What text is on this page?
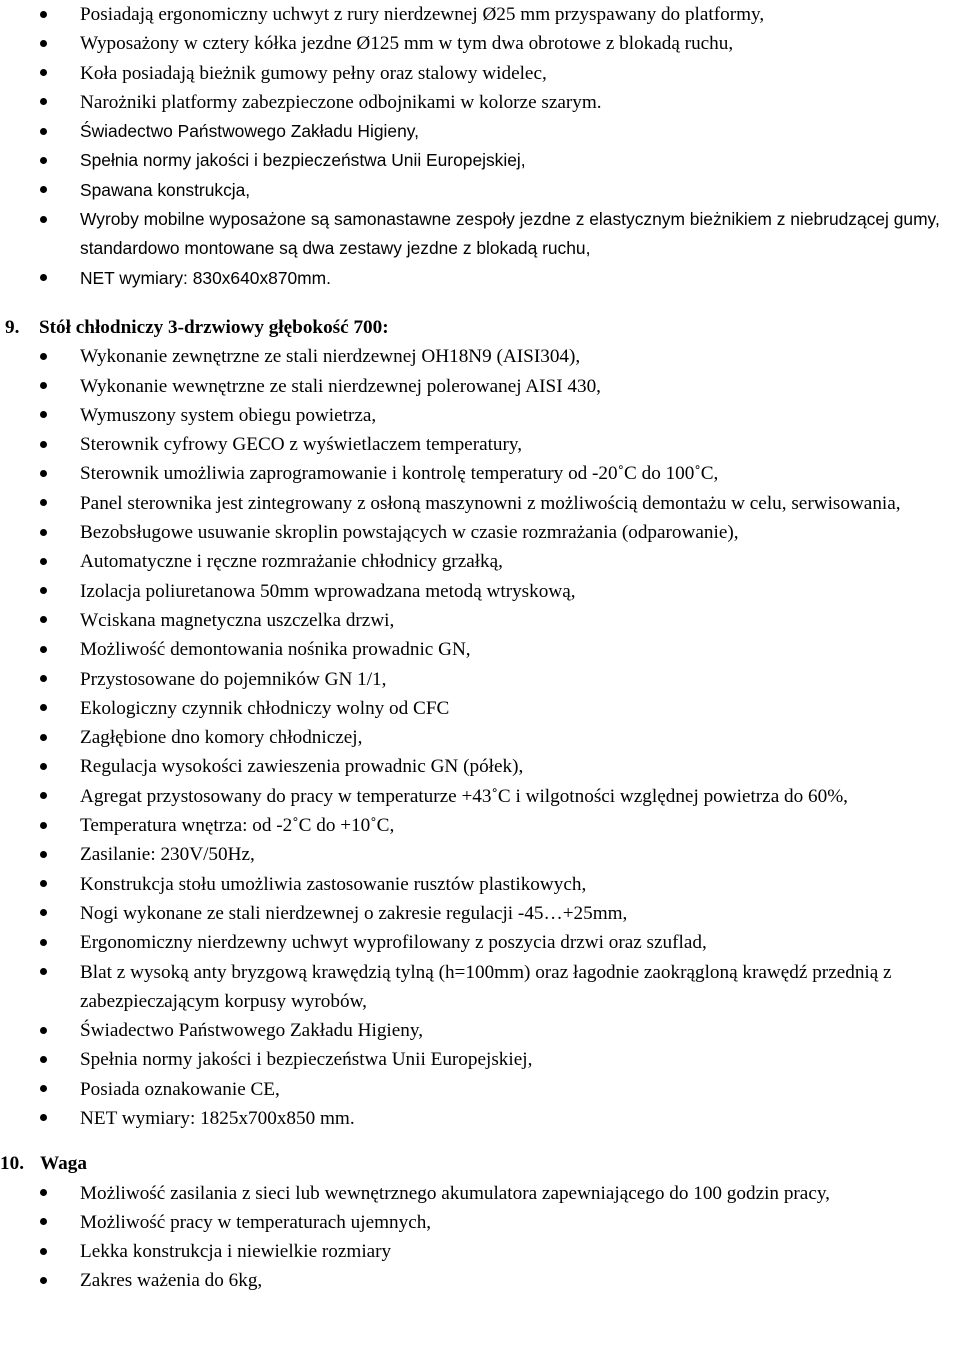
Posiadają ergonomiczny uchwyt z rury nierdzewnej Ø25 mm przyspawany do platformy,
Wyposażony w cztery kółka jezdne Ø125 mm w tym dwa obrotowe z blokadą ruchu,
Koła posiadają bieżnik gumowy pełny oraz stalowy widelec,
Narożniki platformy zabezpieczone odbojnikami w kolorze szarym.
Świadectwo Państwowego Zakładu Higieny,
Spełnia normy jakości i bezpieczeństwa Unii Europejskiej,
Spawana konstrukcja,
Wyroby mobilne wyposażone są samonastawne zespoły jezdne z elastycznym bieżnikiem z niebrudzącej gumy, standardowo montowane są dwa zestawy jezdne z blokadą ruchu,
NET wymiary: 830x640x870mm.
9. Stół chłodniczy 3-drzwiowy głębokość 700:
Wykonanie zewnętrzne ze stali nierdzewnej OH18N9 (AISI304),
Wykonanie wewnętrzne ze stali nierdzewnej polerowanej AISI 430,
Wymuszony system obiegu powietrza,
Sterownik cyfrowy GECO z wyświetlaczem temperatury,
Sterownik umożliwia zaprogramowanie i kontrolę temperatury od -20˚C do 100˚C,
Panel sterownika jest zintegrowany z osłoną maszynowni z możliwością demontażu w celu, serwisowania,
Bezobsługowe usuwanie skroplin powstających w czasie rozmrażania (odparowanie),
Automatyczne i ręczne rozmrażanie chłodnicy grzałką,
Izolacja poliuretanowa 50mm wprowadzana metodą wtryskową,
Wciskana magnetyczna uszczelka drzwi,
Możliwość demontowania nośnika prowadnic GN,
Przystosowane do pojemników GN 1/1,
Ekologiczny czynnik chłodniczy wolny od CFC
Zagłębione dno komory chłodniczej,
Regulacja wysokości zawieszenia prowadnic GN (półek),
Agregat przystosowany do pracy w temperaturze +43˚C i wilgotności względnej powietrza do 60%,
Temperatura wnętrza: od -2˚C do +10˚C,
Zasilanie: 230V/50Hz,
Konstrukcja stołu umożliwia zastosowanie rusztów plastikowych,
Nogi wykonane ze stali nierdzewnej o zakresie regulacji -45…+25mm,
Ergonomiczny nierdzewny uchwyt wyprofilowany z poszycia drzwi oraz szuflad,
Blat z wysoką anty bryzgową krawędzią tylną (h=100mm) oraz łagodnie zaokrągloną krawędź przednią z zabezpieczającym korpusy wyrobów,
Świadectwo Państwowego Zakładu Higieny,
Spełnia normy jakości i bezpieczeństwa Unii Europejskiej,
Posiada oznakowanie CE,
NET wymiary: 1825x700x850 mm.
10. Waga
Możliwość zasilania z sieci lub wewnętrznego akumulatora zapewniającego do 100 godzin pracy,
Możliwość pracy w temperaturach ujemnych,
Lekka konstrukcja i niewielkie rozmiary
Zakres ważenia do 6kg,
